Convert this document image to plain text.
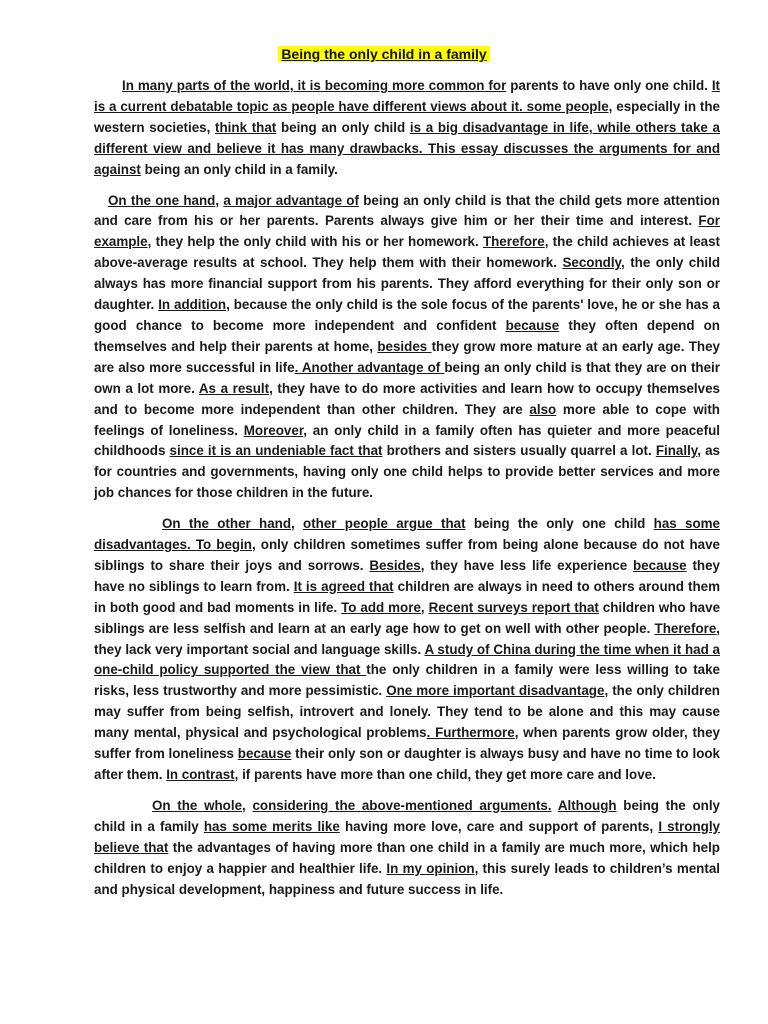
Being the only child in a family

In many parts of the world, it is becoming more common for parents to have only one child. It is a current debatable topic as people have different views about it. some people, especially in the western societies, think that being an only child is a big disadvantage in life, while others take a different view and believe it has many drawbacks. This essay discusses the arguments for and against being an only child in a family.

On the one hand, a major advantage of being an only child is that the child gets more attention and care from his or her parents. Parents always give him or her their time and interest. For example, they help the only child with his or her homework. Therefore, the child achieves at least above-average results at school. They help them with their homework. Secondly, the only child always has more financial support from his parents. They afford everything for their only son or daughter. In addition, because the only child is the sole focus of the parents' love, he or she has a good chance to become more independent and confident because they often depend on themselves and help their parents at home, besides they grow more mature at an early age. They are also more successful in life. Another advantage of being an only child is that they are on their own a lot more. As a result, they have to do more activities and learn how to occupy themselves and to become more independent than other children. They are also more able to cope with feelings of loneliness. Moreover, an only child in a family often has quieter and more peaceful childhoods since it is an undeniable fact that brothers and sisters usually quarrel a lot. Finally, as for countries and governments, having only one child helps to provide better services and more job chances for those children in the future.

On the other hand, other people argue that being the only one child has some disadvantages. To begin, only children sometimes suffer from being alone because do not have siblings to share their joys and sorrows. Besides, they have less life experience because they have no siblings to learn from. It is agreed that children are always in need to others around them in both good and bad moments in life. To add more, Recent surveys report that children who have siblings are less selfish and learn at an early age how to get on well with other people. Therefore, they lack very important social and language skills. A study of China during the time when it had a one-child policy supported the view that the only children in a family were less willing to take risks, less trustworthy and more pessimistic. One more important disadvantage, the only children may suffer from being selfish, introvert and lonely. They tend to be alone and this may cause many mental, physical and psychological problems. Furthermore, when parents grow older, they suffer from loneliness because their only son or daughter is always busy and have no time to look after them. In contrast, if parents have more than one child, they get more care and love.

On the whole, considering the above-mentioned arguments. Although being the only child in a family has some merits like having more love, care and support of parents, I strongly believe that the advantages of having more than one child in a family are much more, which help children to enjoy a happier and healthier life. In my opinion, this surely leads to children’s mental and physical development, happiness and future success in life.
